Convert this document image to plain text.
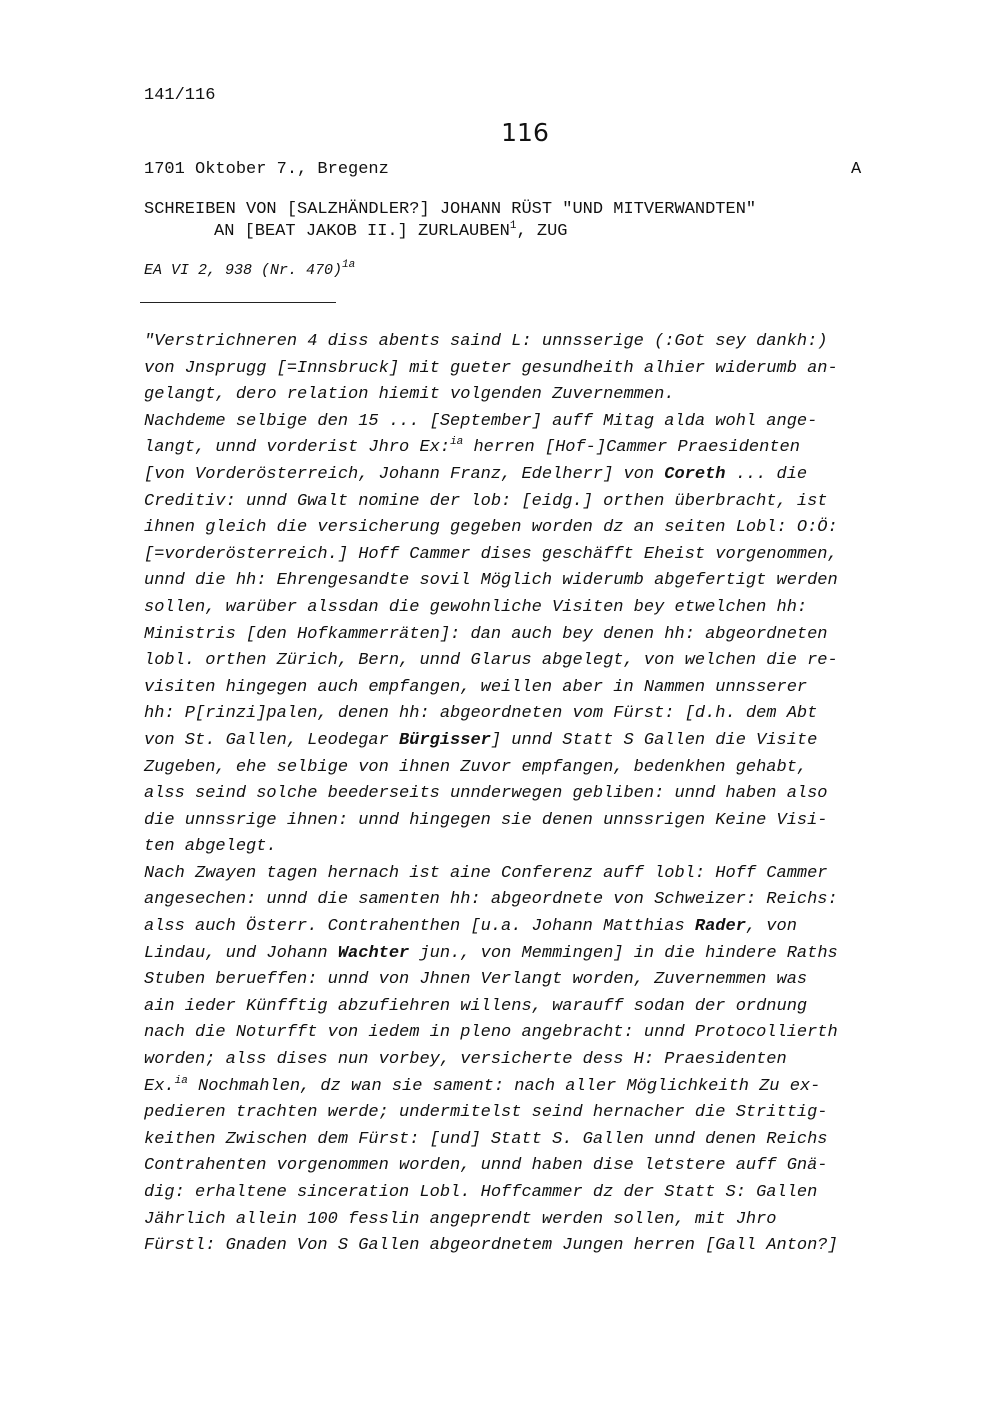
141/116
116
1701 Oktober 7., Bregenz	A
SCHREIBEN VON [SALZHÄNDLER?] JOHANN RÜST "UND MITVERWANDTEN"
AN [BEAT JAKOB II.] ZURLAUBEN$^1$, ZUG
EA VI 2, 938 (Nr. 470)$^{1a}$
"Verstrichneren 4 diss abents saind L: unnsserige (:Got sey dankh:)
von Jnsprugg [=Innsbruck] mit gueter gesundheith alhier widerumb an-
gelangt, dero relation hiemit volgenden Zuvernemmen.
Nachdeme selbige den 15 ... [September] auff Mitag alda wohl ange-
langt, unnd vorderist Jhro Ex:$^{ia}$ herren [Hof-]Cammer Praesidenten
[von Vorderösterreich, Johann Franz, Edelherr] von Coreth ... die
Creditiv: unnd Gwalt nomine der lob: [eidg.] orthen überbracht, ist
ihnen gleich die versicherung gegeben worden dz an seiten Lobl: O:Ö:
[=vorderösterreich.] Hoff Cammer dises geschäfft Eheist vorgenommen,
unnd die hh: Ehrengesandte sovil Möglich widerumb abgefertigt werden
sollen, warüber alssdan die gewohnliche Visiten bey etwelchen hh:
Ministris [den Hofkammerräten]: dan auch bey denen hh: abgeordneten
lobl. orthen Zürich, Bern, unnd Glarus abgelegt, von welchen die re-
visiten hingegen auch empfangen, weillen aber in Nammen unnsserer
hh: P[rinzi]palen, denen hh: abgeordneten vom Fürst: [d.h. dem Abt
von St. Gallen, Leodegar Bürgisser] unnd Statt S Gallen die Visite
Zugeben, ehe selbige von ihnen Zuvor empfangen, bedenkhen gehabt,
alss seind solche beederseits unnderwegen gebliben: unnd haben also
die unnssrige ihnen: unnd hingegen sie denen unnssrigen Keine Visi-
ten abgelegt.
Nach Zwayen tagen hernach ist aine Conferenz auff lobl: Hoff Cammer
angesechen: unnd die samenten hh: abgeordnete von Schweizer: Reichs:
alss auch Österr. Contrahenthen [u.a. Johann Matthias Rader, von
Lindau, und Johann Wachter jun., von Memmingen] in die hindere Raths
Stuben berueffen: unnd von Jhnen Verlangt worden, Zuvernemmen was
ain ieder Künfftig abzufiehren willens, warauff sodan der ordnung
nach die Noturfft von iedem in pleno angebracht: unnd Protocollierth
worden; alss dises nun vorbey, versicherte dess H: Praesidenten
Ex.$^{ia}$ Nochmahlen, dz wan sie sament: nach aller Möglichkeith Zu ex-
pedieren trachten werde; undermitelst seind hernacher die Strittig-
keithen Zwischen dem Fürst: [und] Statt S. Gallen unnd denen Reichs
Contrahenten vorgenommen worden, unnd haben dise letstere auff Gnä-
dig: erhaltene sinceration Lobl. Hoffcammer dz der Statt S: Gallen
Jährlich allein 100 fesslin angeprendt werden sollen, mit Jhro
Fürstl: Gnaden Von S Gallen abgeordnetem Jungen herren [Gall Anton?]
